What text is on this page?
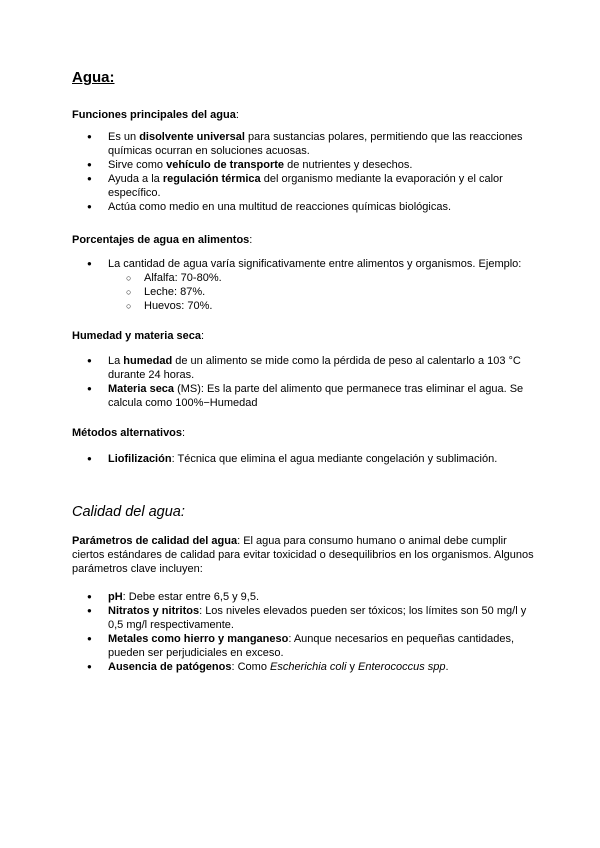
Agua:
Funciones principales del agua:
● Es un disolvente universal para sustancias polares, permitiendo que las reacciones químicas ocurran en soluciones acuosas.
● Sirve como vehículo de transporte de nutrientes y desechos.
● Ayuda a la regulación térmica del organismo mediante la evaporación y el calor específico.
● Actúa como medio en una multitud de reacciones químicas biológicas.
Porcentajes de agua en alimentos:
● La cantidad de agua varía significativamente entre alimentos y organismos. Ejemplo:
○ Alfalfa: 70-80%.
○ Leche: 87%.
○ Huevos: 70%.
Humedad y materia seca:
● La humedad de un alimento se mide como la pérdida de peso al calentarlo a 103 °C durante 24 horas.
● Materia seca (MS): Es la parte del alimento que permanece tras eliminar el agua. Se calcula como 100%−Humedad
Métodos alternativos:
● Liofilización: Técnica que elimina el agua mediante congelación y sublimación.
Calidad del agua:
Parámetros de calidad del agua: El agua para consumo humano o animal debe cumplir ciertos estándares de calidad para evitar toxicidad o desequilibrios en los organismos. Algunos parámetros clave incluyen:
● pH: Debe estar entre 6,5 y 9,5.
● Nitratos y nitritos: Los niveles elevados pueden ser tóxicos; los límites son 50 mg/l y 0,5 mg/l respectivamente.
● Metales como hierro y manganeso: Aunque necesarios en pequeñas cantidades, pueden ser perjudiciales en exceso.
● Ausencia de patógenos: Como Escherichia coli y Enterococcus spp.
